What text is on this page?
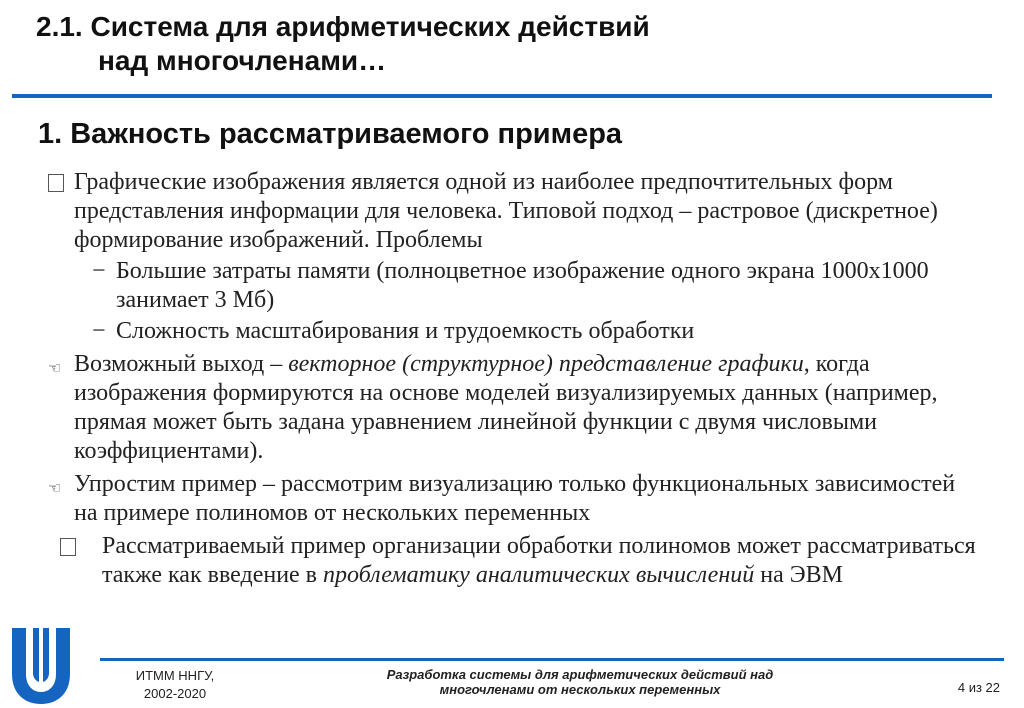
2.1. Система для арифметических действий
над многочленами…
1. Важность рассматриваемого примера
Графические изображения является одной из наиболее предпочтительных форм представления информации для человека. Типовой подход – растровое (дискретное) формирование изображений. Проблемы
− Большие затраты памяти (полноцветное изображение одного экрана 1000х1000 занимает 3 Мб)
− Сложность масштабирования и трудоемкость обработки
☜ Возможный выход – векторное (структурное) представление графики, когда изображения формируются на основе моделей визуализируемых данных (например, прямая может быть задана уравнением линейной функции с двумя числовыми коэффициентами).
☜ Упростим пример – рассмотрим визуализацию только функциональных зависимостей на примере полиномов от нескольких переменных
Рассматриваемый пример организации обработки полиномов может рассматриваться также как введение в проблематику аналитических вычислений на ЭВМ
ИТММ ННГУ,
2002-2020
Разработка системы для арифметических действий над
многочленами от нескольких переменных	4 из 22
